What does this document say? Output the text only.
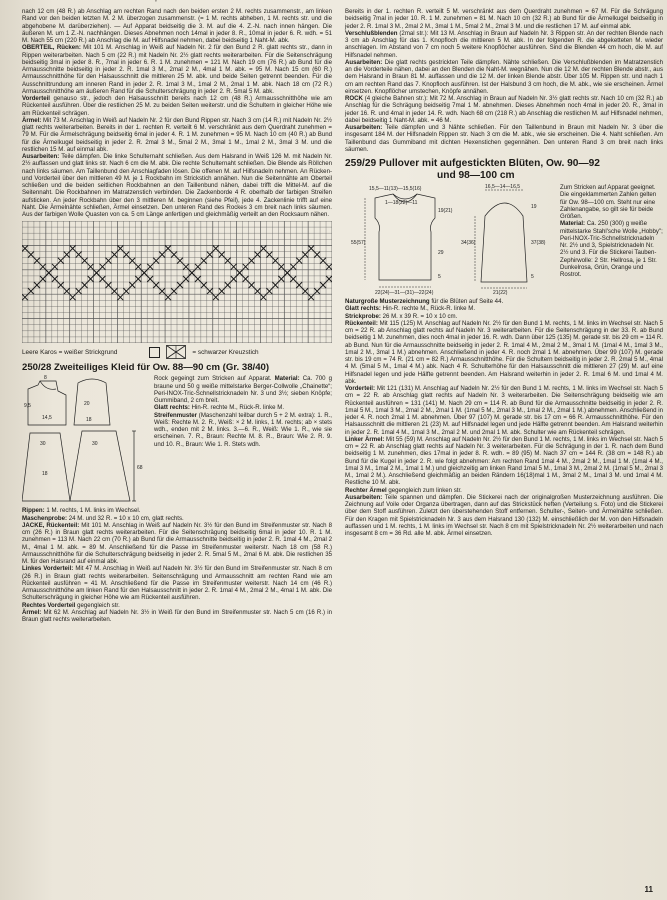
˚

nach 12 cm (48 R.) ab Anschlag am rechten Rand nach den beiden ersten 2 M. rechts zusammenstr., am linken Rand vor den beiden letzten M. 2 M. überzogen zusammenstr. (= 1 M. rechts abheben, 1 M. rechts str. und die abgehobene M. darüberziehen). — Auf Apparat beidseitig die 3. M. auf die 4. Z.-N. nach innen hängen. Die äußeren M. um 1 Z.-N. nachhängen. Dieses Abnehmen noch 14mal in jeder 8. R., 10mal in jeder 6. R. wdh. = 51 M. Nach 55 cm (220 R.) ab Anschlag die M. auf Hilfsnadel nehmen, dabei beidseitig 1 Naht-M. abk.

OBERTEIL, Rücken: Mit 101 M. Anschlag in Weiß auf Nadeln Nr. 2 für den Bund 2 R. glatt rechts str., dann in Rippen weiterarbeiten. Nach 5 cm (22 R.) mit Nadeln Nr. 2½ glatt rechts weiterarbeiten. Für die Seitenschrägung beidseitig 3mal in jeder 8. R., 7mal in jeder 6. R. 1 M. zunehmen = 121 M. Nach 19 cm (76 R.) ab Bund für die Armausschnitte beidseitig in jeder 2. R. 1mal 3 M., 2mal 2 M., 4mal 1 M. abk. = 95 M. Nach 15 cm (60 R.) Armausschnitthöhe für den Halsausschnitt die mittleren 25 M. abk. und beide Seiten getrennt beenden. Für die Ausschnittrundung am inneren Rand in jeder 2. R. 1mal 3 M., 1mal 2 M., 2mal 1 M. abk. Nach 18 cm (72 R.) Armausschnitthöhe am äußeren Rand für die Schulterschrägung in jeder 2. R. 5mal 5 M. abk.

Vorderteil genauso str., jedoch den Halsausschnitt bereits nach 12 cm (48 R.) Armausschnitthöhe wie am Rückenteil ausführen. Über die restlichen 25 M. zu beiden Seiten weiterstr. und die Schultern in gleicher Höhe wie am Rückenteil schrägen.

Ärmel: Mit 73 M. Anschlag in Weiß auf Nadeln Nr. 2 für den Bund Rippen str. Nach 3 cm (14 R.) mit Nadeln Nr. 2½ glatt rechts weiterarbeiten. Bereits in der 1. rechten R. verteilt 6 M. verschränkt aus dem Querdraht zunehmen = 79 M. Für die Ärmelschrägung beidseitig 6mal in jeder 4. R. 1 M. zunehmen = 95 M. Nach 10 cm (40 R.) ab Bund für die Ärmelkugel beidseitig in jeder 2. R. 2mal 3 M., 5mal 2 M., 3mal 1 M., 1mal 2 M., 3mal 3 M. und die restlichen 15 M. auf einmal abk.

Ausarbeiten: Teile dämpfen. Die linke Schulternaht schließen. Aus dem Halsrand in Weiß 126 M. mit Nadeln Nr. 2½ auffassen und glatt links str. Nach 6 cm die M. abk. Die rechte Schulternaht schließen. Die Blende als Röllchen nach links säumen. Am Taillenbund den Anschlagfaden lösen. Die offenen M. auf Hilfsnadeln nehmen. An Rücken- und Vorderteil über den mittleren 49 M. je 1 Rockbahn im Strickstich annähen. Nun die Seitennähte am Oberteil schließen und die beiden seitlichen Rockbahnen an den Taillenbund nähen, dabei trifft die Mittel-M. auf die Seitennaht. Die Rockbahnen im Matratzenstich verbinden. Die Zackenborde 4 R. oberhalb der farbigen Streifen aufsticken. An jeder Rockbahn über den 3 mittleren M. beginnen (siehe Pfeil), jede 4. Zackenlinie trifft auf eine Naht. Die Ärmelnähte schließen, Ärmel einsetzen. Den unteren Rand des Rockes 3 cm breit nach links säumen. Aus der farbigen Wolle Quasten von ca. 5 cm Länge anfertigen und gleichmäßig verteilt an den Rocksaum nähen.

Leere Karos = weißer Strickgrund	= schwarzer Kreuzstich
250/28 Zweiteiliges Kleid für Ow. 88—90 cm (Gr. 38/40)
9,5
14,5
20
18
8
30
18
30
68

Rock gegeingt zum Stricken auf Apparat. Material: Ca. 700 g braune und 50 g weiße mittelstarke Berger-Collwolle „Chainette“; Peri-INOX-Tric-Schnellstricknadeln Nr. 3 und 3½; sieben Knöpfe; Gummiband, 2 cm breit.

Glatt rechts: Hin-R. rechte M., Rück-R. linke M.

Streifenmuster (Maschenzahl teilbar durch 5 + 2 M. extra): 1. R., Weiß: Rechte M. 2. R., Weiß: × 2 M. links, 1 M. rechts; ab × stets wdh., enden mit 2 M. links. 3.—6. R., Weiß: Wie 1. R., wie sie erscheinen. 7. R., Braun: Rechte M. 8. R., Braun: Wie 2. R. 9. und 10. R., Braun: Wie 1. R. Stets wdh.

Rippen: 1 M. rechts, 1 M. links im Wechsel.

Maschenprobe: 24 M. und 32 R. = 10 x 10 cm, glatt rechts.

JACKE, Rückenteil: Mit 101 M. Anschlag in Weiß auf Nadeln Nr. 3½ für den Bund im Streifenmuster str. Nach 8 cm (26 R.) in Braun glatt rechts weiterarbeiten. Für die Seitenschrägung beidseitig 6mal in jeder 10. R. 1 M. zunehmen = 113 M. Nach 22 cm (70 R.) ab Bund für die Armausschnitte beidseitig in jeder 2. R. 1mal 4 M., 2mal 2 M., 4mal 1 M. abk. = 89 M. Anschließend für die Passe im Streifenmuster weiterstr. Nach 18 cm (58 R.) Armausschnitthöhe für die Schulterschrägung beidseitig in jeder 2. R. 5mal 5 M., 2mal 6 M. abk. Die restlichen 35 M. für den Halsrand auf einmal abk.

Linkes Vorderteil: Mit 47 M. Anschlag in Weiß auf Nadeln Nr. 3½ für den Bund im Streifenmuster str. Nach 8 cm (26 R.) in Braun glatt rechts weiterarbeiten. Seitenschrägung und Armausschnitt am rechten Rand wie am Rückenteil ausführen = 41 M. Anschließend für die Passe im Streifenmuster weiterstr. Nach 14 cm (46 R.) Armausschnitthöhe am linken Rand für den Halsausschnitt in jeder 2. R. 1mal 4 M., 2mal 2 M., 4mal 1 M. abk. Die Schulterschrägung in gleicher Höhe wie am Rückenteil ausführen.

Rechtes Vorderteil gegengleich str.

Ärmel: Mit 62 M. Anschlag auf Nadeln Nr. 3½ in Weiß für den Bund im Streifenmuster str. Nach 5 cm (16 R.) in Braun glatt rechts weiterarbeiten.

Bereits in der 1. rechten R. verteilt 5 M. verschränkt aus dem Querdraht zunehmen = 67 M. Für die Schrägung beidseitig 7mal in jeder 10. R. 1 M. zunehmen = 81 M. Nach 10 cm (32 R.) ab Bund für die Ärmelkugel beidseitig in jeder 2. R. 1mal 3 M., 2mal 2 M., 3mal 1 M., 5mal 2 M., 2mal 3 M. und die restlichen 17 M. auf einmal abk.

Verschlußblenden (2mal str.): Mit 13 M. Anschlag in Braun auf Nadeln Nr. 3 Rippen str. An der rechten Blende nach 3 cm ab Anschlag für das 1. Knopfloch die mittleren 5 M. abk. In der folgenden R. die abgeketteten M. wieder anschlagen. Im Abstand von 7 cm noch 5 weitere Knopflöcher ausführen. Sind die Blenden 44 cm hoch, die M. auf Hilfsnadel nehmen.

Ausarbeiten: Die glatt rechts gestrickten Teile dämpfen. Nähte schließen. Die Verschlußblenden im Matratzenstich an die Vorderteile nähen, dabei an den Blenden die Naht-M. wegnähen. Nun die 12 M. der rechten Blende abstr., aus dem Halsrand in Braun 81 M. auffassen und die 12 M. der linken Blende abstr. Über 105 M. Rippen str. und nach 1 cm am rechten Rand das 7. Knopfloch ausführen. Ist der Halsbund 3 cm hoch, die M. abk., wie sie erscheinen. Ärmel einsetzen. Knopflöcher umstechen, Knöpfe annähen.

ROCK (4 gleiche Bahnen str.): Mit 72 M. Anschlag in Braun auf Nadeln Nr. 3½ glatt rechts str. Nach 10 cm (32 R.) ab Anschlag für die Schrägung beidseitig 7mal 1 M. abnehmen. Dieses Abnehmen noch 4mal in jeder 20. R., 3mal in jeder 16. R. und 4mal in jeder 14. R. wdh. Nach 68 cm (218 R.) ab Anschlag die restlichen M. auf Hilfsnadel nehmen, dabei beidseitig 1 Naht-M. abk. = 46 M.

Ausarbeiten: Teile dämpfen und 3 Nähte schließen. Für den Taillenbund in Braun mit Nadeln Nr. 3 über die insgesamt 184 M. der Hilfsnadeln Rippen str. Nach 3 cm die M. abk., wie sie erscheinen. Die 4. Naht schließen. Am Taillenbund das Gummiband mit dichten Hexenstichen gegennähen. Den unteren Rand 3 cm breit nach links säumen.

259/29 Pullover mit aufgestickten Blüten, Ow. 90—92
und 98—100 cm
15,5—11(13)—15,5(16)
1—18(22)—11
19(21)
55(57)
29
5
22(24)—31—(31)—22(24)
16,5—14—16,5
19
37(38)
5
21(22)
34(36)

Zum Stricken auf Apparat geeignet. Die eingeklammerten Zahlen gelten für Ow. 98—100 cm. Steht nur eine Zahlenangabe, so gilt sie für beide Größen.

Material: Ca. 250 (300) g weiße mittelstarke Stahl'sche Wolle „Hobby"; Peri-INOX-Tric-Schnellstricknadeln Nr. 2½ und 3, Spielstricknadeln Nr. 2½ und 3. Für die Stickerei Tauben-Zephirwolle: 2 Str. Hellrosa, je 1 Str. Dunkelrosa, Grün, Orange und Rostrot.

Naturgroße Musterzeichnung für die Blüten auf Seite 44.

Glatt rechts: Hin-R. rechte M., Rück-R. linke M.

Strickprobe: 26 M. x 39 R. = 10 x 10 cm.

Rückenteil: Mit 115 (125) M. Anschlag auf Nadeln Nr. 2½ für den Bund 1 M. rechts, 1 M. links im Wechsel str. Nach 5 cm = 22 R. ab Anschlag glatt rechts auf Nadeln Nr. 3 weiterarbeiten. Für die Seitenschrägung in der 33. R. ab Bund beidseitig 1 M. zunehmen, dies noch 4mal in jeder 16. R. wdh. Dann über 125 (135) M. gerade str. bis 29 cm = 114 R. ab Bund. Nun für die Armausschnitte beidseitig in jeder 2. R. 1mal 4 M., 2mal 2 M., 3mal 1 M. (1mal 4 M., 1mal 3 M., 1mal 2 M., 3mal 1 M.) abnehmen. Anschließend in jeder 4. R. noch 2mal 1 M. abnehmen. Über 99 (107) M. gerade str. bis 19 cm = 74 R. (21 cm = 82 R.) Armausschnitthöhe. Für die Schultern beidseitig in jeder 2. R. 2mal 5 M., 4mal 4 M. (5mal 5 M., 1mal 4 M.) abk. Nach 4 R. Schulterhöhe für den Halsausschnitt die mittleren 27 (29) M. auf eine Hilfsnadel legen und jede Hälfte getrennt beenden. Am Halsrand weiterhin in jeder 2. R. 1mal 6 M. und 1mal 4 M. abk.

Vorderteil: Mit 121 (131) M. Anschlag auf Nadeln Nr. 2½ für den Bund 1 M. rechts, 1 M. links im Wechsel str. Nach 5 cm = 22 R. ab Anschlag glatt rechts auf Nadeln Nr. 3 weiterarbeiten. Die Seitenschrägung beidseitig wie am Rückenteil ausführen = 131 (141) M. Nach 29 cm = 114 R. ab Bund für die Armausschnitte beidseitig in jeder 2. R. 1mal 5 M., 1mal 3 M., 2mal 2 M., 2mal 1 M. (1mal 5 M., 2mal 3 M., 1mal 2 M., 2mal 1 M.) abnehmen. Anschließend in jeder 4. R. noch 2mal 1 M. abnehmen. Über 97 (107) M. gerade str. bis 17 cm = 66 R. Armausschnitthöhe. Für den Halsausschnitt die mittleren 21 (23) M. auf Hilfsnadel legen und jede Hälfte getrennt beenden. Am Halsrand weiterhin in jeder 2. R. 1mal 4 M., 1mal 3 M., 2mal 2 M. und 2mal 1 M. abk. Schulter wie am Rückenteil schrägen.

Linker Ärmel: Mit 55 (59) M. Anschlag auf Nadeln Nr. 2½ für den Bund 1 M. rechts, 1 M. links im Wechsel str. Nach 5 cm = 22 R. ab Anschlag glatt rechts auf Nadeln Nr. 3 weiterarbeiten. Für die Schrägung in der 1. R. nach dem Bund beidseitig 1 M. zunehmen, dies 17mal in jeder 8. R. wdh. = 89 (95) M. Nach 37 cm = 144 R. (38 cm = 148 R.) ab Bund für die Kugel in jeder 2. R. wie folgt abnehmen: Am rechten Rand 1mal 4 M., 2mal 2 M., 1mal 1 M. (1mal 4 M., 1mal 3 M., 1mal 2 M., 1mal 1 M.) und gleichzeitig am linken Rand 1mal 5 M., 1mal 3 M., 2mal 2 M. (1mal 5 M., 2mal 3 M., 1mal 2 M.). Anschließend gleichmäßig an beiden Rändern 16(18)mal 1 M., 3mal 2 M., 1mal 3 M. und 1mal 4 M. Restliche 10 M. abk.

Rechter Ärmel gegengleich zum linken str.

Ausarbeiten: Teile spannen und dämpfen. Die Stickerei nach der originalgroßen Musterzeichnung ausführen. Die Zeichnung auf Voile oder Organza übertragen, dann auf das Strickstück heften (Verteilung s. Foto) und die Stickerei über dem Stoff ausführen. Zuletzt den überstehenden Stoff entfernen. Schulter-, Seiten- und Ärmelnähte schließen. Für den Kragen mit Spielstricknadeln Nr. 3 aus dem Halsrand 130 (132) M. einschließlich der M. von den Hilfsnadeln auffassen und 1 M. rechts, 1 M. links im Wechsel str. Nach 8 cm mit Spielstricknadeln Nr. 2½ weiterarbeiten und nach insgesamt 8 cm = 36 Rd. alle M. abk. Ärmel einsetzen.

11
